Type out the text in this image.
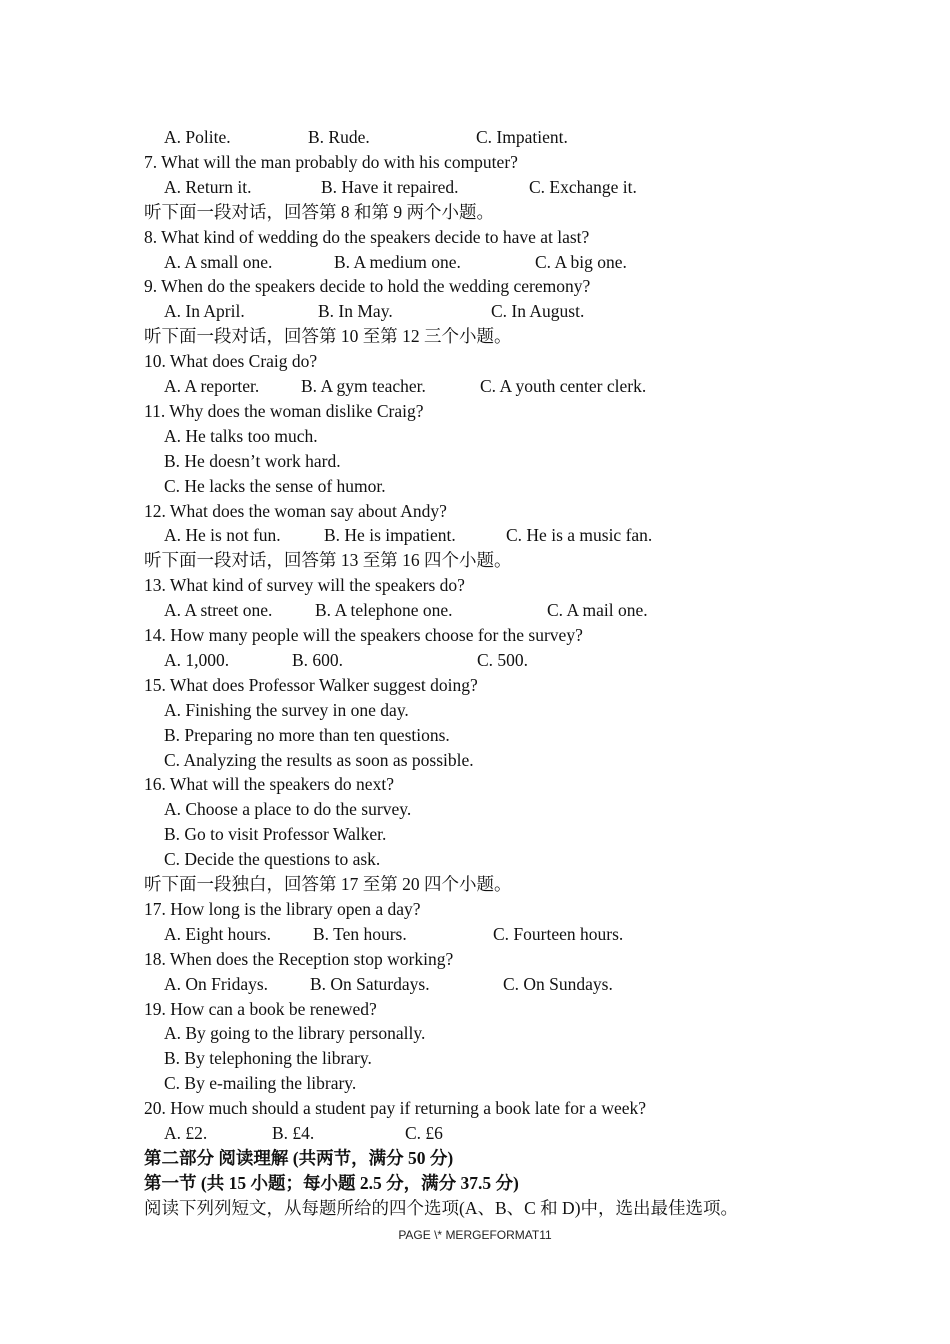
A. Polite.	B. Rude.	C. Impatient.
7. What will the man probably do with his computer?
A. Return it.	B. Have it repaired.	C. Exchange it.
听下面一段对话，回答第 8 和第 9 两个小题。
8. What kind of wedding do the speakers decide to have at last?
A. A small one.	B. A medium one.	C. A big one.
9. When do the speakers decide to hold the wedding ceremony?
A. In April.	B. In May.	C. In August.
听下面一段对话，回答第 10 至第 12 三个小题。
10. What does Craig do?
A. A reporter. B. A gym teacher.	C. A youth center clerk.
11. Why does the woman dislike Craig?
A. He talks too much.
B. He doesn’t work hard.
C. He lacks the sense of humor.
12. What does the woman say about Andy?
A. He is not fun. B. He is impatient.	C. He is a music fan.
听下面一段对话，回答第 13 至第 16 四个小题。
13. What kind of survey will the speakers do?
A. A street one. B. A telephone one.	C. A mail one.
14. How many people will the speakers choose for the survey?
A. 1,000.	B. 600.	C. 500.
15. What does Professor Walker suggest doing?
A. Finishing the survey in one day.
B. Preparing no more than ten questions.
C. Analyzing the results as soon as possible.
16. What will the speakers do next?
A. Choose a place to do the survey.
B. Go to visit Professor Walker.
C. Decide the questions to ask.
听下面一段独白，回答第 17 至第 20 四个小题。
17. How long is the library open a day?
A. Eight hours. B. Ten hours.	C. Fourteen hours.
18. When does the Reception stop working?
A. On Fridays. B. On Saturdays.	C. On Sundays.
19. How can a book be renewed?
A. By going to the library personally.
B. By telephoning the library.
C. By e-mailing the library.
20. How much should a student pay if returning a book late for a week?
A. £2.	B. £4.	C. £6
第二部分 阅读理解 (共两节，满分 50 分)
第一节 (共 15 小题；每小题 2.5 分，满分 37.5 分)
阅读下列列短文，从每题所给的四个选项(A、B、C 和 D)中，选出最佳选项。
PAGE \* MERGEFORMAT11
